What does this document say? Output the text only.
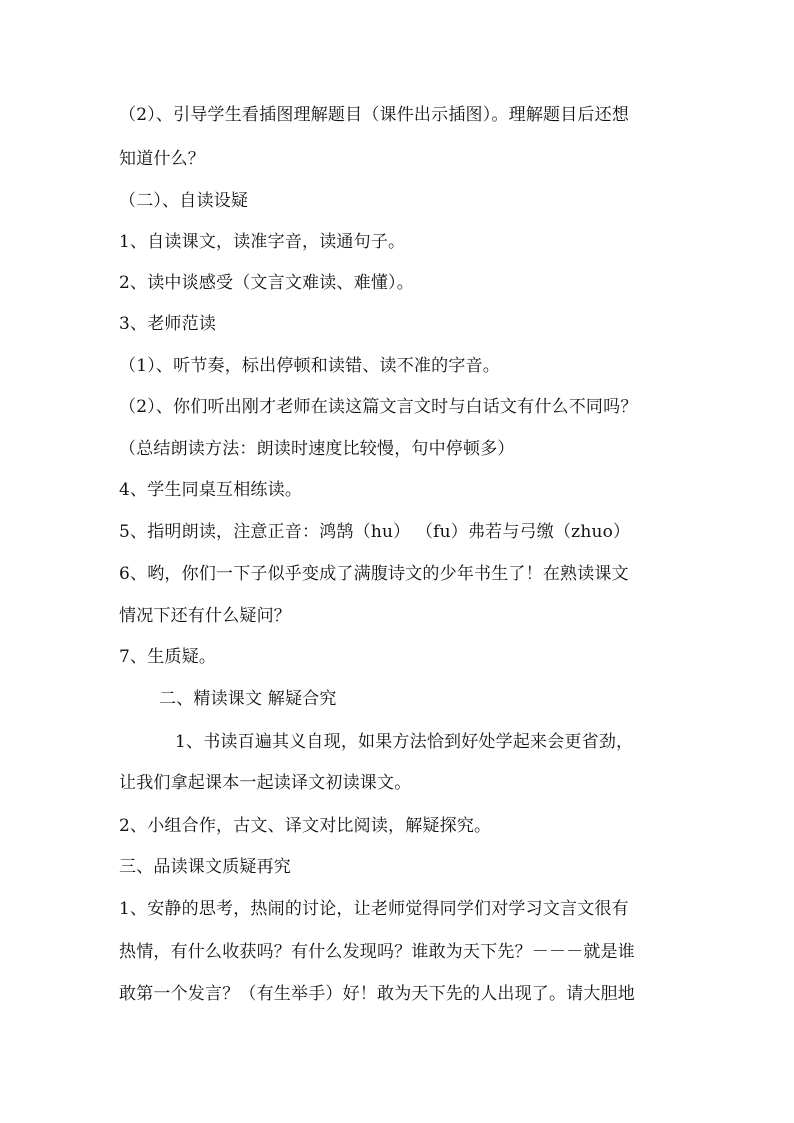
（2）、引导学生看插图理解题目（课件出示插图）。理解题目后还想
知道什么？
（二）、自读设疑
1、自读课文，读准字音，读通句子。
2、读中谈感受（文言文难读、难懂）。
3、老师范读
（1）、听节奏，标出停顿和读错、读不准的字音。
（2）、你们听出刚才老师在读这篇文言文时与白话文有什么不同吗？
（总结朗读方法：朗读时速度比较慢，句中停顿多）
4、学生同桌互相练读。
5、指明朗读，注意正音：鸿鹄（hu） （fu）弗若与弓缴（zhuo）
6、哟，你们一下子似乎变成了满腹诗文的少年书生了！在熟读课文
情况下还有什么疑问？
7、生质疑。
二、精读课文 解疑合究
1、书读百遍其义自现，如果方法恰到好处学起来会更省劲，
让我们拿起课本一起读译文初读课文。
2、小组合作，古文、译文对比阅读，解疑探究。
三、品读课文质疑再究
1、安静的思考，热闹的讨论，让老师觉得同学们对学习文言文很有
热情，有什么收获吗？有什么发现吗？谁敢为天下先？－－－就是谁
敢第一个发言？（有生举手）好！敢为天下先的人出现了。请大胆地
